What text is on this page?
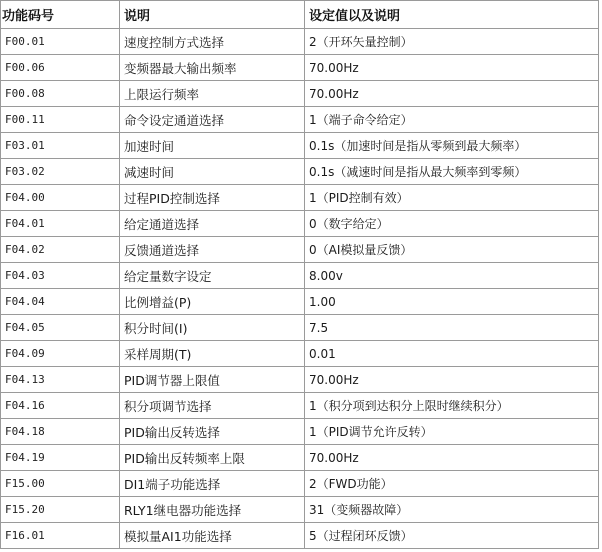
功能码号	说明	设定值以及说明
F00.01	速度控制方式选择	2（开环矢量控制）
F00.06	变频器最大输出频率	70.00Hz
F00.08	上限运行频率	70.00Hz
F00.11	命令设定通道选择	1（端子命令给定）
F03.01	加速时间	0.1s（加速时间是指从零频到最大频率）
F03.02	减速时间	0.1s（减速时间是指从最大频率到零频）
F04.00	过程PID控制选择	1（PID控制有效）
F04.01	给定通道选择	0（数字给定）
F04.02	反馈通道选择	0（AI模拟量反馈）
F04.03	给定量数字设定	8.00v
F04.04	比例增益(P)	1.00
F04.05	积分时间(I)	7.5
F04.09	采样周期(T)	0.01
F04.13	PID调节器上限值	70.00Hz
F04.16	积分项调节选择	1（积分项到达积分上限时继续积分）
F04.18	PID输出反转选择	1（PID调节允许反转）
F04.19	PID输出反转频率上限	70.00Hz
F15.00	DI1端子功能选择	2（FWD功能）
F15.20	RLY1继电器功能选择	31（变频器故障）
F16.01	模拟量AI1功能选择	5（过程闭环反馈）
